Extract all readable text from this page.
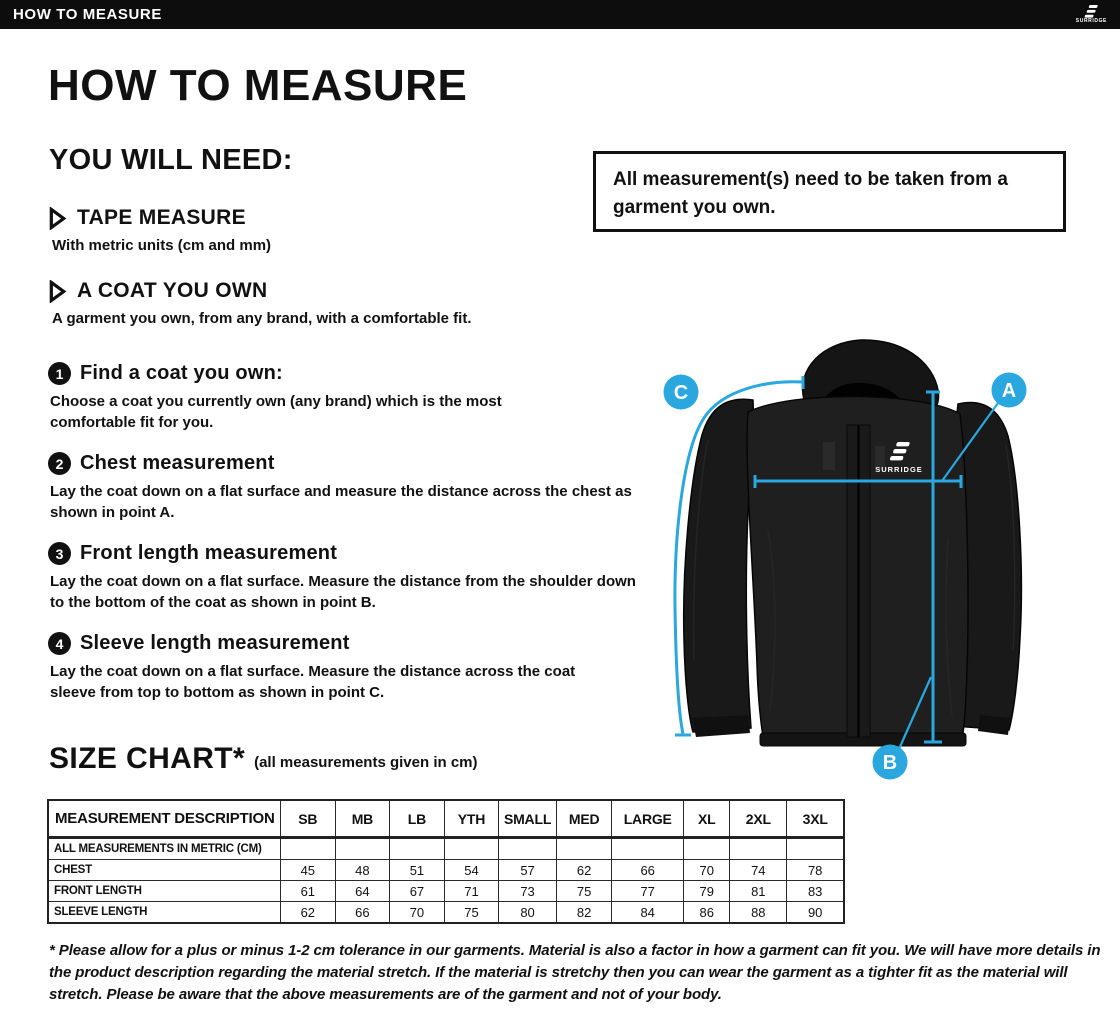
HOW TO MEASURE	SURRIDGE
HOW TO MEASURE
YOU WILL NEED:
TAPE MEASURE
With metric units (cm and mm)
A COAT YOU OWN
A garment you own, from any brand, with a comfortable fit.
All measurement(s) need to be taken from a garment you own.
1 Find a coat you own:
Choose a coat you currently own (any brand) which is the most comfortable fit for you.
2 Chest measurement
Lay the coat down on a flat surface and measure the distance across the chest as shown in point A.
3 Front length measurement
Lay the coat down on a flat surface. Measure the distance from the shoulder down to the bottom of the coat as shown in point B.
4 Sleeve length measurement
Lay the coat down on a flat surface. Measure the distance across the coat sleeve from top to bottom as shown in point C.
SURRIDGE
A
C
B
SIZE CHART* (all measurements given in cm)
MEASUREMENT DESCRIPTION	SB	MB	LB	YTH	SMALL	MED	LARGE	XL	2XL	3XL
ALL MEASUREMENTS IN METRIC (CM)										
CHEST	45	48	51	54	57	62	66	70	74	78
FRONT LENGTH	61	64	67	71	73	75	77	79	81	83
SLEEVE LENGTH	62	66	70	75	80	82	84	86	88	90
* Please allow for a plus or minus 1-2 cm tolerance in our garments. Material is also a factor in how a garment can fit you. We will have more details in the product description regarding the material stretch. If the material is stretchy then you can wear the garment as a tighter fit as the material will stretch. Please be aware that the above measurements are of the garment and not of your body.
